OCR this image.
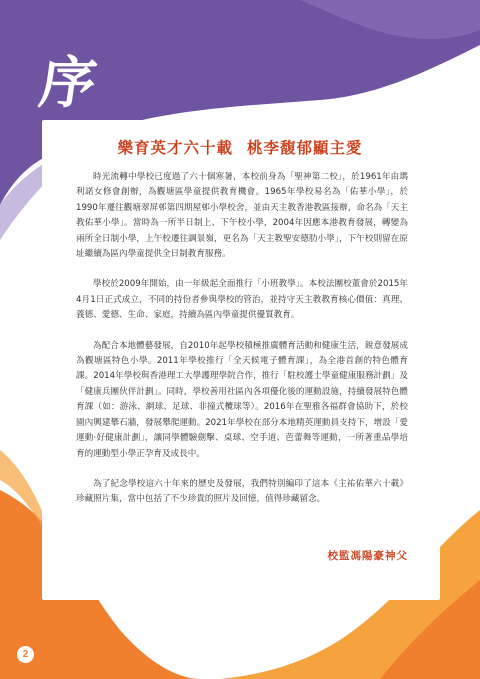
序
樂育英才六十載 桃李馥郁顯主愛

時光流轉中學校已度過了六十個寒暑，本校前身為「聖神第二校」，於1961年由瑪利諾女修會創辦，為觀塘區學童提供教育機會。1965年學校易名為「佑華小學」，於1990年遷往觀塘翠屏邨第四期屋邨小學校舍，並由天主教香港教區接辦，命名為「天主教佑華小學」。當時為一所半日制上、下午校小學，2004年因應本港教育發展，轉變為兩所全日制小學，上午校遷往調景嶺，更名為「天主教聖安德肋小學」，下午校則留在原址繼續為區內學童提供全日制教育服務。

學校於2009年開始，由一年級起全面推行「小班教學」。本校法團校董會於2015年4月1日正式成立，不同的持份者參與學校的管治，並持守天主教教育核心價值：真理、義德、愛德、生命、家庭，持續為區內學童提供優質教育。

為配合本地體藝發展，自2010年起學校積極推廣體育活動和健康生活，銳意發展成為觀塘區特色小學。2011年學校推行「全天候電子體育課」，為全港首創的特色體育課。2014年學校與香港理工大學護理學院合作，推行「駐校護士學童健康服務計劃」及「健康兵團伙伴計劃」。同時，學校善用社區內各項優化後的運動設施，持續發展特色體育課（如：游泳、網球、足球、非撞式欖球等）。2016年在聖雅各福群會協助下，於校園內興建攀石牆，發展攀爬運動。2021年學校在部分本地精英運動員支持下，增設「愛運動‧好健康計劃」，讓同學體驗劍擊、桌球、空手道、芭蕾舞等運動，一所著重品學培育的運動型小學正孕育及成長中。

為了紀念學校這六十年來的歷史及發展，我們特別編印了這本《主祐佑華六十載》珍藏照片集，當中包括了不少珍貴的照片及回憶，值得珍藏留念。

校監馮陽豪神父
2
